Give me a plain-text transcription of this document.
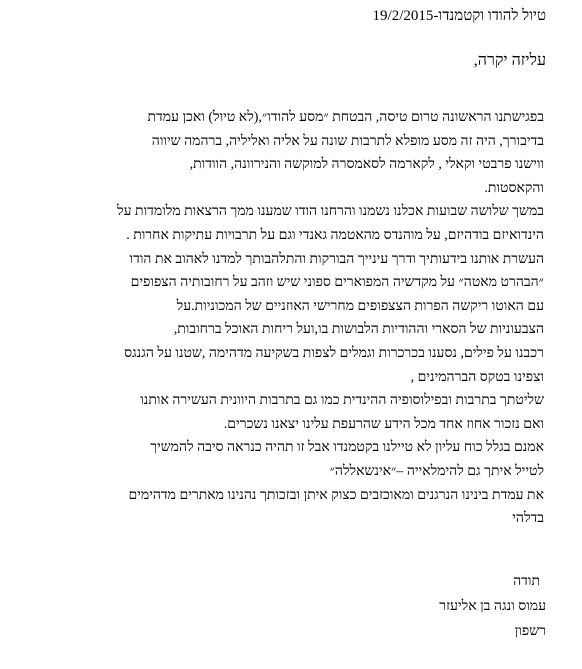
טיול להודו וקטמנדו-19/2/2015
עליזה יקרה,
בפגישתנו הראשונה טרום טיסה, הבטחת ״מסע להודו״,(לא טיול) ואכן עמדת
בדיבורך, היה זה מסע מופלא לתרבות שונה על אליה ואליליה, ברהמה שיווה
ווישנו פרבטי וקאלי , לקארמה לסאמסרה למוקשה והנירוונה, הוודות,
והקאסטות.
במשך שלושה שבועות אכלנו נשמנו והרחנו הודו שמענו ממך הרצאות מלומדות על
הינדואיזם בודהיזם, על מוהנדס מהאטמה גאנדי וגם על תרבויות עתיקות אחרות .
העשרת אותנו בידעותיך ודרך עינייך הבורקות והתלהבותך למדנו לאהוב את הודו
״הבהרט מאטה״ על מקדשיה המפוארים ספוני שיש וזהב על רחובותיה הצפופים
עם האוטו ריקשה הפרות הצצפופים מחרישי האוזניים של המכוניות.על
הצבעוניות של הסארי וההודיות הלבושות בו,ועל ריחות האוכל ברחובות,
רכבנו על פילים, נסענו בכרכרות וגמלים לצפות בשקיעה מדהימה ,שטנו על הגנגס
וצפינו בטקס הברהמינים ,
שליטתך בתרבות ובפילוסופיה ההינדית כמו גם בתרבות היוונית העשירה אותנו
ואם נזכור אחוז אחד מכל הידע שהרעפת עלינו יצאנו נשכרים.
אמנם בגלל כוח עליון לא טיילנו בקטמנדו אבל זו תהיה כנראה סיבה להמשיך
לטייל איתך גם להימלאייה –״אינשאללה״
את עמדת בינינו הנרגנים ומאוכזבים כצוק איתן ובזכותך נהנינו מאתרים מדהימים
בדלהי
תודה
עמוס ונגה בן אליעזר
רשפון
